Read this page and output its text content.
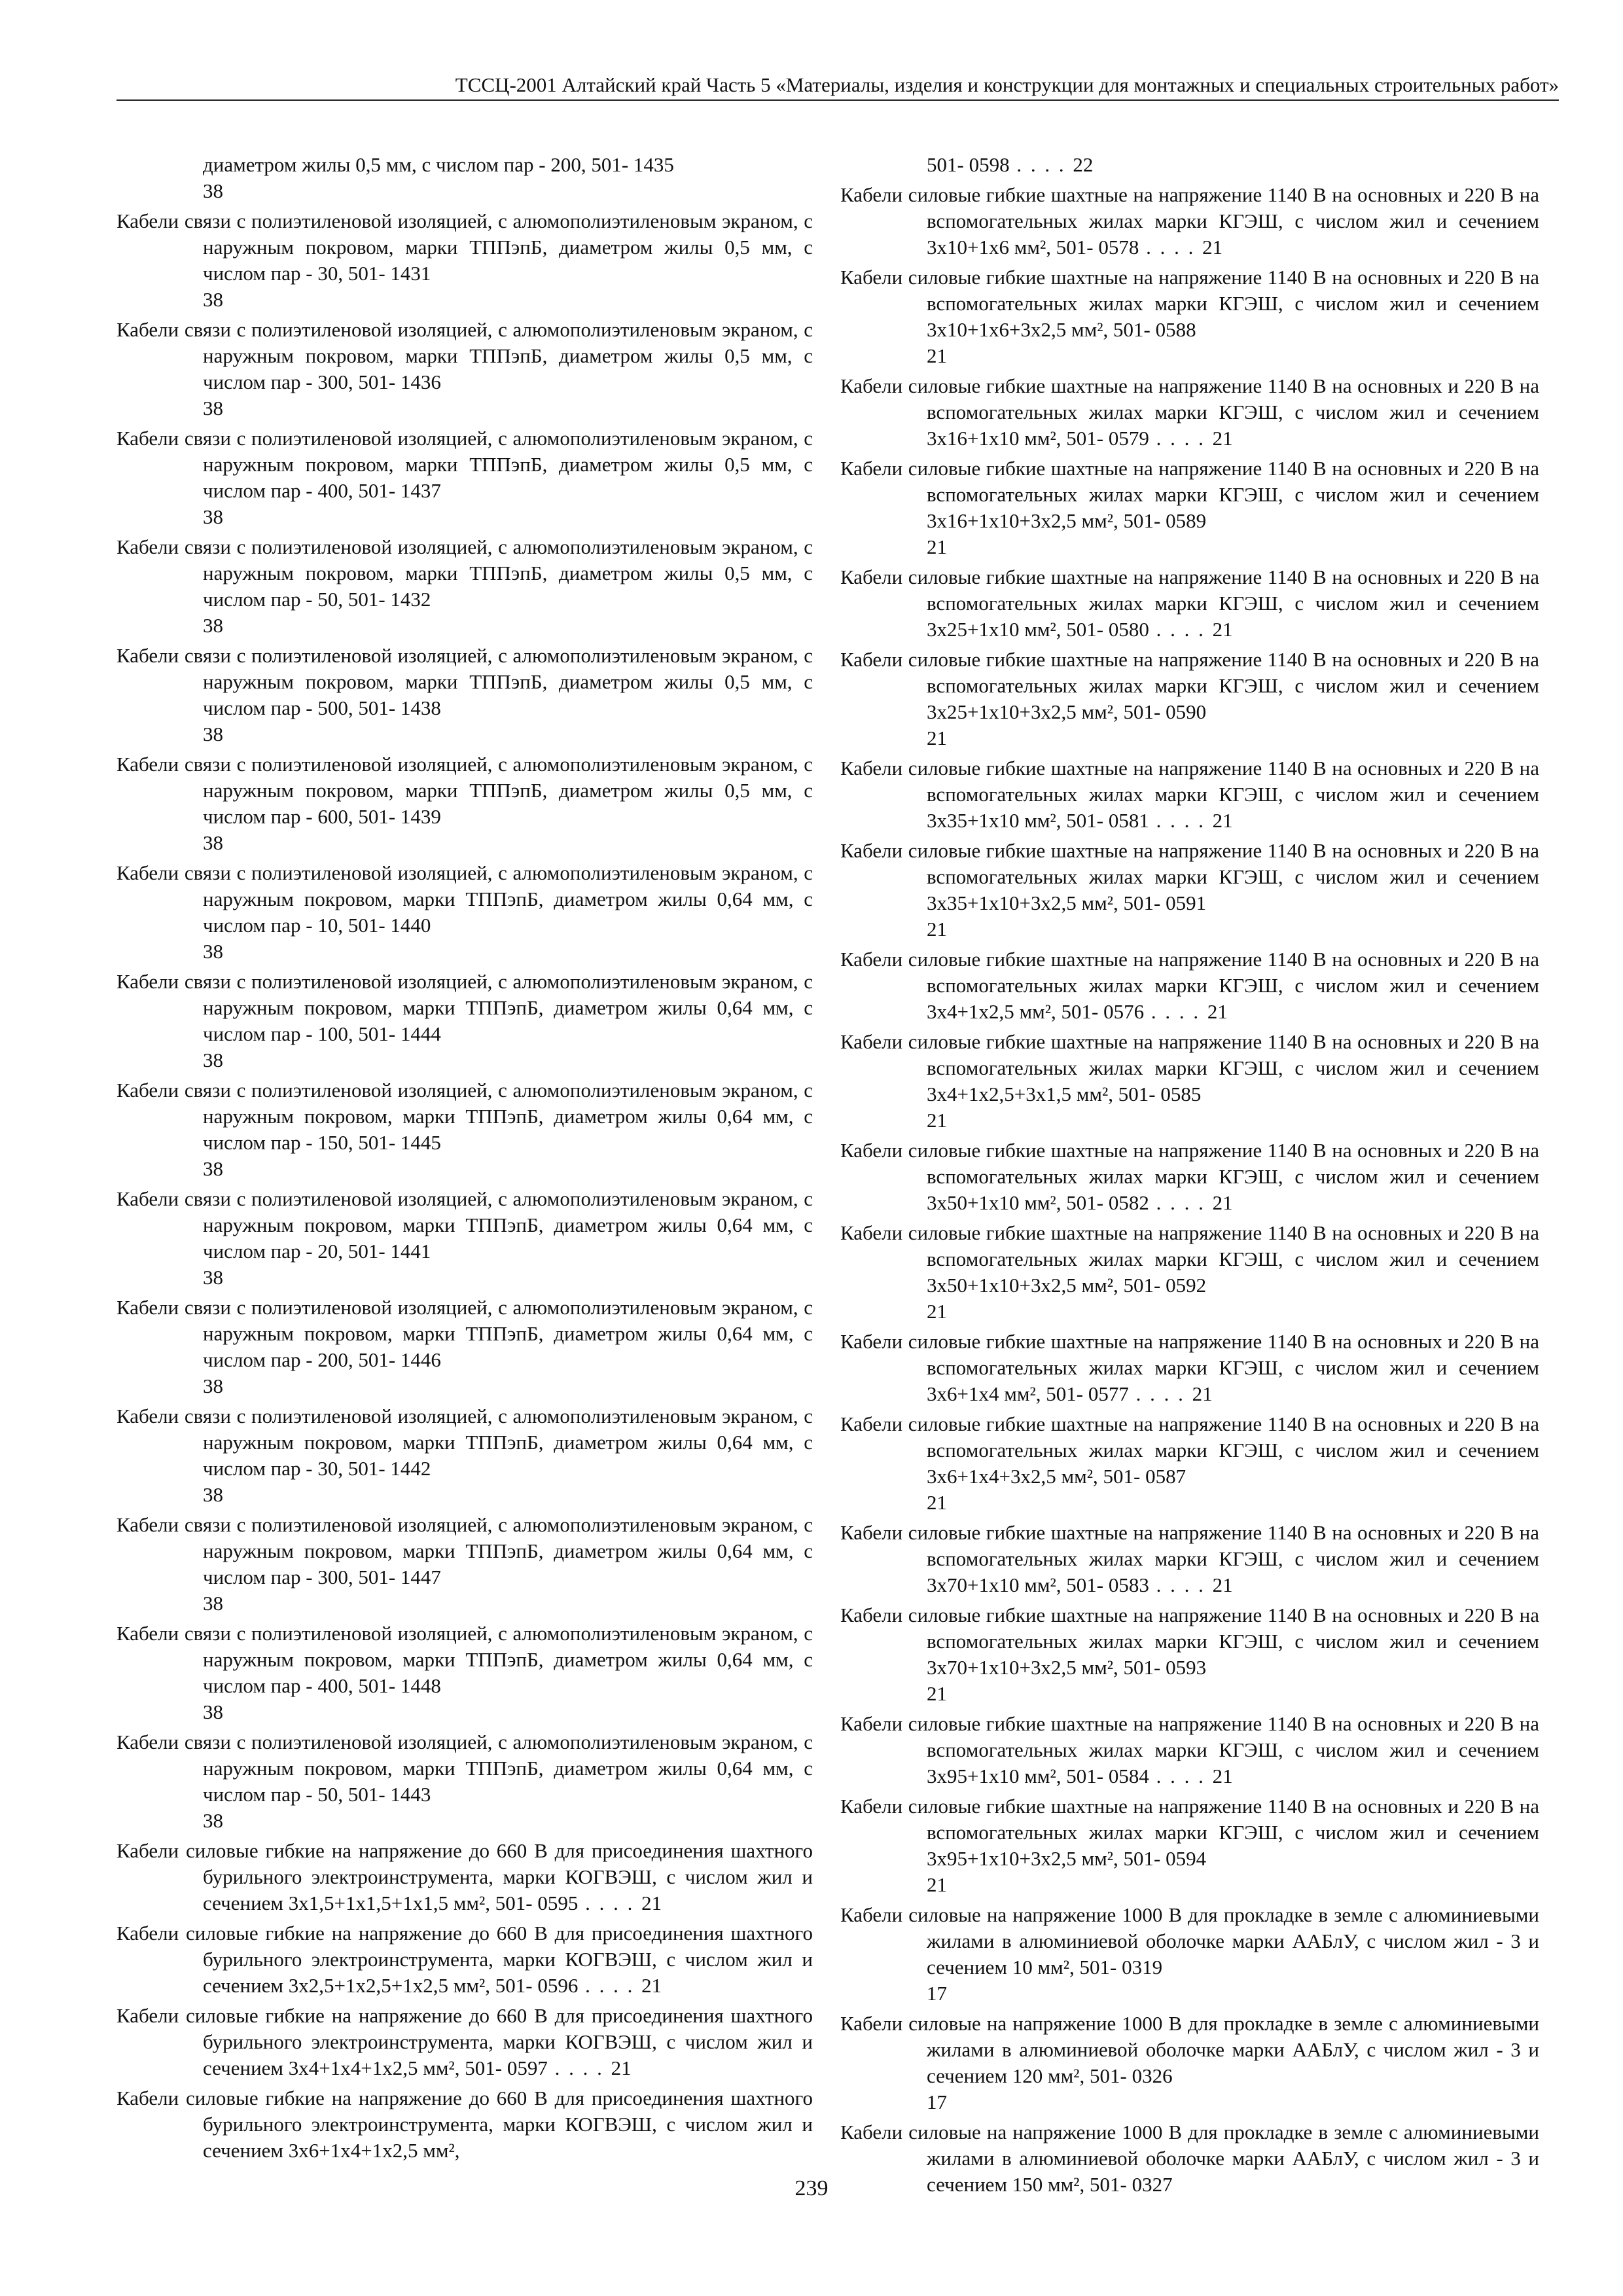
ТССЦ-2001 Алтайский край Часть 5 «Материалы, изделия и конструкции для монтажных и специальных строительных работ»

диаметром жилы 0,5 мм, с числом пар - 200, 501- 1435
38

Кабели связи с полиэтиленовой изоляцией, с алюмополиэтиленовым экраном, с наружным покровом, марки ТППэпБ, диаметром жилы 0,5 мм, с числом пар - 30, 501- 1431
38

Кабели связи с полиэтиленовой изоляцией, с алюмополиэтиленовым экраном, с наружным покровом, марки ТППэпБ, диаметром жилы 0,5 мм, с числом пар - 300, 501- 1436
38

Кабели связи с полиэтиленовой изоляцией, с алюмополиэтиленовым экраном, с наружным покровом, марки ТППэпБ, диаметром жилы 0,5 мм, с числом пар - 400, 501- 1437
38

Кабели связи с полиэтиленовой изоляцией, с алюмополиэтиленовым экраном, с наружным покровом, марки ТППэпБ, диаметром жилы 0,5 мм, с числом пар - 50, 501- 1432
38

Кабели связи с полиэтиленовой изоляцией, с алюмополиэтиленовым экраном, с наружным покровом, марки ТППэпБ, диаметром жилы 0,5 мм, с числом пар - 500, 501- 1438
38

Кабели связи с полиэтиленовой изоляцией, с алюмополиэтиленовым экраном, с наружным покровом, марки ТППэпБ, диаметром жилы 0,5 мм, с числом пар - 600, 501- 1439
38

Кабели связи с полиэтиленовой изоляцией, с алюмополиэтиленовым экраном, с наружным покровом, марки ТППэпБ, диаметром жилы 0,64 мм, с числом пар - 10, 501- 1440
38

Кабели связи с полиэтиленовой изоляцией, с алюмополиэтиленовым экраном, с наружным покровом, марки ТППэпБ, диаметром жилы 0,64 мм, с числом пар - 100, 501- 1444
38

Кабели связи с полиэтиленовой изоляцией, с алюмополиэтиленовым экраном, с наружным покровом, марки ТППэпБ, диаметром жилы 0,64 мм, с числом пар - 150, 501- 1445
38

Кабели связи с полиэтиленовой изоляцией, с алюмополиэтиленовым экраном, с наружным покровом, марки ТППэпБ, диаметром жилы 0,64 мм, с числом пар - 20, 501- 1441
38

Кабели связи с полиэтиленовой изоляцией, с алюмополиэтиленовым экраном, с наружным покровом, марки ТППэпБ, диаметром жилы 0,64 мм, с числом пар - 200, 501- 1446
38

Кабели связи с полиэтиленовой изоляцией, с алюмополиэтиленовым экраном, с наружным покровом, марки ТППэпБ, диаметром жилы 0,64 мм, с числом пар - 30, 501- 1442
38

Кабели связи с полиэтиленовой изоляцией, с алюмополиэтиленовым экраном, с наружным покровом, марки ТППэпБ, диаметром жилы 0,64 мм, с числом пар - 300, 501- 1447
38

Кабели связи с полиэтиленовой изоляцией, с алюмополиэтиленовым экраном, с наружным покровом, марки ТППэпБ, диаметром жилы 0,64 мм, с числом пар - 400, 501- 1448
38

Кабели связи с полиэтиленовой изоляцией, с алюмополиэтиленовым экраном, с наружным покровом, марки ТППэпБ, диаметром жилы 0,64 мм, с числом пар - 50, 501- 1443
38

Кабели силовые гибкие на напряжение до 660 В для присоединения шахтного бурильного электроинструмента, марки КОГВЭШ, с числом жил и сечением 3х1,5+1х1,5+1х1,5 мм², 501- 0595 . . . . 21

Кабели силовые гибкие на напряжение до 660 В для присоединения шахтного бурильного электроинструмента, марки КОГВЭШ, с числом жил и сечением 3х2,5+1х2,5+1х2,5 мм², 501- 0596 . . . . 21

Кабели силовые гибкие на напряжение до 660 В для присоединения шахтного бурильного электроинструмента, марки КОГВЭШ, с числом жил и сечением 3х4+1х4+1х2,5 мм², 501- 0597 . . . . 21

Кабели силовые гибкие на напряжение до 660 В для присоединения шахтного бурильного электроинструмента, марки КОГВЭШ, с числом жил и сечением 3х6+1х4+1х2,5 мм²,

501- 0598 . . . . 22

Кабели силовые гибкие шахтные на напряжение 1140 В на основных и 220 В на вспомогательных жилах марки КГЭШ, с числом жил и сечением 3х10+1х6 мм², 501- 0578 . . . . 21

Кабели силовые гибкие шахтные на напряжение 1140 В на основных и 220 В на вспомогательных жилах марки КГЭШ, с числом жил и сечением 3х10+1х6+3х2,5 мм², 501- 0588
21

Кабели силовые гибкие шахтные на напряжение 1140 В на основных и 220 В на вспомогательных жилах марки КГЭШ, с числом жил и сечением 3х16+1х10 мм², 501- 0579 . . . . 21

Кабели силовые гибкие шахтные на напряжение 1140 В на основных и 220 В на вспомогательных жилах марки КГЭШ, с числом жил и сечением 3х16+1х10+3х2,5 мм², 501- 0589
21

Кабели силовые гибкие шахтные на напряжение 1140 В на основных и 220 В на вспомогательных жилах марки КГЭШ, с числом жил и сечением 3х25+1х10 мм², 501- 0580 . . . . 21

Кабели силовые гибкие шахтные на напряжение 1140 В на основных и 220 В на вспомогательных жилах марки КГЭШ, с числом жил и сечением 3х25+1х10+3х2,5 мм², 501- 0590
21

Кабели силовые гибкие шахтные на напряжение 1140 В на основных и 220 В на вспомогательных жилах марки КГЭШ, с числом жил и сечением 3х35+1х10 мм², 501- 0581 . . . . 21

Кабели силовые гибкие шахтные на напряжение 1140 В на основных и 220 В на вспомогательных жилах марки КГЭШ, с числом жил и сечением 3х35+1х10+3х2,5 мм², 501- 0591
21

Кабели силовые гибкие шахтные на напряжение 1140 В на основных и 220 В на вспомогательных жилах марки КГЭШ, с числом жил и сечением 3х4+1х2,5 мм², 501- 0576 . . . . 21

Кабели силовые гибкие шахтные на напряжение 1140 В на основных и 220 В на вспомогательных жилах марки КГЭШ, с числом жил и сечением 3х4+1х2,5+3х1,5 мм², 501- 0585
21

Кабели силовые гибкие шахтные на напряжение 1140 В на основных и 220 В на вспомогательных жилах марки КГЭШ, с числом жил и сечением 3х50+1х10 мм², 501- 0582 . . . . 21

Кабели силовые гибкие шахтные на напряжение 1140 В на основных и 220 В на вспомогательных жилах марки КГЭШ, с числом жил и сечением 3х50+1х10+3х2,5 мм², 501- 0592
21

Кабели силовые гибкие шахтные на напряжение 1140 В на основных и 220 В на вспомогательных жилах марки КГЭШ, с числом жил и сечением 3х6+1х4 мм², 501- 0577 . . . . 21

Кабели силовые гибкие шахтные на напряжение 1140 В на основных и 220 В на вспомогательных жилах марки КГЭШ, с числом жил и сечением 3х6+1х4+3х2,5 мм², 501- 0587
21

Кабели силовые гибкие шахтные на напряжение 1140 В на основных и 220 В на вспомогательных жилах марки КГЭШ, с числом жил и сечением 3х70+1х10 мм², 501- 0583 . . . . 21

Кабели силовые гибкие шахтные на напряжение 1140 В на основных и 220 В на вспомогательных жилах марки КГЭШ, с числом жил и сечением 3х70+1х10+3х2,5 мм², 501- 0593
21

Кабели силовые гибкие шахтные на напряжение 1140 В на основных и 220 В на вспомогательных жилах марки КГЭШ, с числом жил и сечением 3х95+1х10 мм², 501- 0584 . . . . 21

Кабели силовые гибкие шахтные на напряжение 1140 В на основных и 220 В на вспомогательных жилах марки КГЭШ, с числом жил и сечением 3х95+1х10+3х2,5 мм², 501- 0594
21

Кабели силовые на напряжение 1000 В для прокладке в земле с алюминиевыми жилами в алюминиевой оболочке марки ААБлУ, с числом жил - 3 и сечением 10 мм², 501- 0319
17

Кабели силовые на напряжение 1000 В для прокладке в земле с алюминиевыми жилами в алюминиевой оболочке марки ААБлУ, с числом жил - 3 и сечением 120 мм², 501- 0326
17

Кабели силовые на напряжение 1000 В для прокладке в земле с алюминиевыми жилами в алюминиевой оболочке марки ААБлУ, с числом жил - 3 и сечением 150 мм², 501- 0327

239
